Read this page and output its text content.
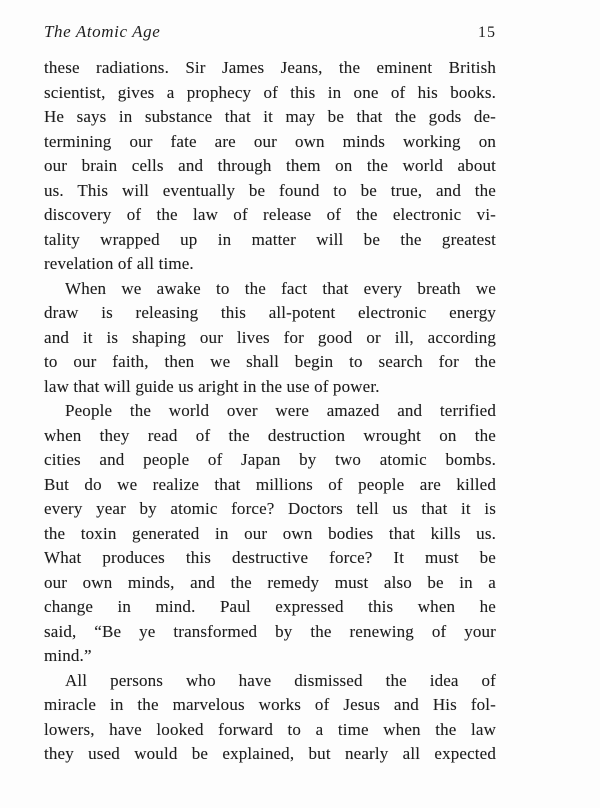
The Atomic Age	15
these radiations. Sir James Jeans, the eminent British
scientist, gives a prophecy of this in one of his books.
He says in substance that it may be that the gods de-
termining our fate are our own minds working on
our brain cells and through them on the world about
us. This will eventually be found to be true, and the
discovery of the law of release of the electronic vi-
tality wrapped up in matter will be the greatest
revelation of all time.
When we awake to the fact that every breath we
draw is releasing this all-potent electronic energy
and it is shaping our lives for good or ill, according
to our faith, then we shall begin to search for the
law that will guide us aright in the use of power.
People the world over were amazed and terrified
when they read of the destruction wrought on the
cities and people of Japan by two atomic bombs.
But do we realize that millions of people are killed
every year by atomic force? Doctors tell us that it is
the toxin generated in our own bodies that kills us.
What produces this destructive force? It must be
our own minds, and the remedy must also be in a
change in mind. Paul expressed this when he
said, “Be ye transformed by the renewing of your
mind.”
All persons who have dismissed the idea of
miracle in the marvelous works of Jesus and His fol-
lowers, have looked forward to a time when the law
they used would be explained, but nearly all expected
